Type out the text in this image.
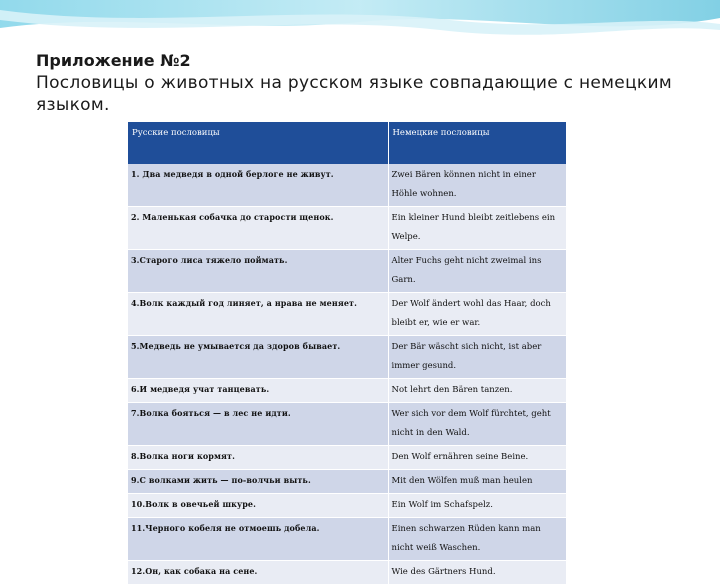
Приложение №2
Пословицы о животных на русском языке совпадающие с немецким языком.
Русские пословицы	Немецкие пословицы
1. Два медведя в одной берлоге не живут.	Zwei Bären können nicht in einer Höhle wohnen.
2. Маленькая собачка до старости щенок.	Ein kleiner Hund bleibt zeitlebens ein Welpe.
3.Старого лиса тяжело поймать.	Alter Fuchs geht nicht zweimal ins Garn.
4.Волк каждый год линяет, а нрава не меняет.	Der Wolf ändert wohl das Haar, doch bleibt er, wie er war.
5.Медведь не умывается да здоров бывает.	Der Bär wäscht sich nicht, ist aber immer gesund.
6.И медведя учат танцевать.	Not lehrt den Bären tanzen.
7.Волка бояться — в лес не идти.	Wer sich vor dem Wolf fürchtet, geht nicht in den Wald.
8.Волка ноги кормят.	Den Wolf ernähren seine Beine.
9.С волками жить — по-волчьи выть.	Mit den Wölfen muß man heulen
10.Волк в овечьей шкуре.	Ein Wolf im Schafspelz.
11.Черного кобеля не отмоешь добела.	Einen schwarzen Rüden kann man nicht weiß Waschen.
12.Он, как собака на сене.	Wie des Gärtners Hund.
